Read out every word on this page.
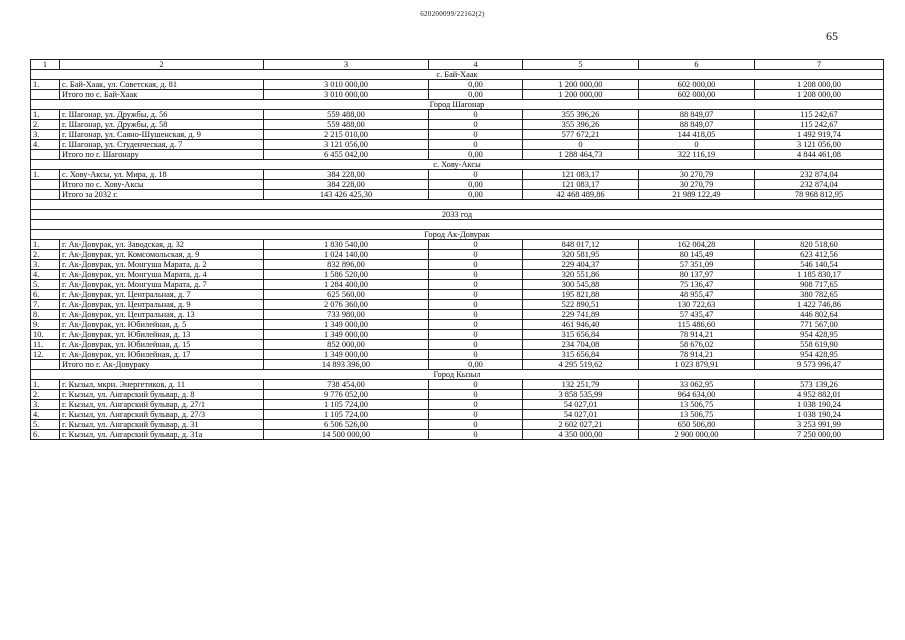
620200099/22162(2)
65
1	2	3	4	5	6	7
с. Бай-Хаак						
1.	с. Бай-Хаак, ул. Советская, д. 81	3 010 000,00	0,00	1 200 000,00	602 000,00	1 208 000,00
	Итого по с. Бай-Хаак	3 010 000,00	0,00	1 200 000,00	602 000,00	1 208 000,00
Город Шагонар						
1.	г. Шагонар, ул. Дружбы, д. 56	559 488,00	0	355 396,26	88 849,07	115 242,67
2.	г. Шагонар, ул. Дружбы, д. 58	559 488,00	0	355 396,26	88 849,07	115 242,67
3.	г. Шагонар, ул. Саяно-Шушенская, д. 9	2 215 010,00	0	577 672,21	144 418,05	1 492 919,74
4.	г. Шагонар, ул. Студенческая, д. 7	3 121 056,00	0	0	0	3 121 056,00
	Итого по г. Шагонару	6 455 042,00	0,00	1 288 464,73	322 116,19	4 844 461,08
с. Хову-Аксы						
1.	с. Хову-Аксы, ул. Мира, д. 18	384 228,00	0	121 083,17	30 270,79	232 874,04
	Итого по с. Хову-Аксы	384 228,00	0,00	121 083,17	30 270,79	232 874,04
	Итого за 2032 г.	143 426 425,30	0,00	42 468 489,86	21 989 122,49	78 968 812,95

2033 год						

Город Ак-Довурак						
1.	г. Ак-Довурак, ул. Заводская, д. 32	1 830 540,00	0	848 017,12	162 004,28	820 518,60
2.	г. Ак-Довурак, ул. Комсомольская, д. 9	1 024 140,00	0	320 581,95	80 145,49	623 412,56
3.	г. Ак-Довурак, ул. Монгуша Марата, д. 2	832 896,00	0	229 404,37	57 351,09	546 140,54
4.	г. Ак-Довурак, ул. Монгуша Марата, д. 4	1 586 520,00	0	320 551,86	80 137,97	1 185 830,17
5.	г. Ак-Довурак, ул. Монгуша Марата, д. 7	1 284 400,00	0	300 545,88	75 136,47	908 717,65
6.	г. Ак-Довурак, ул. Центральная, д. 7	625 560,00	0	195 821,88	48 955,47	380 782,65
7.	г. Ак-Довурак, ул. Центральная, д. 9	2 076 360,00	0	522 890,51	130 722,63	1 422 746,86
8.	г. Ак-Довурак, ул. Центральная, д. 13	733 980,00	0	229 741,89	57 435,47	446 802,64
9.	г. Ак-Довурак, ул. Юбилейная, д. 5	1 349 000,00	0	461 946,40	115 486,60	771 567,00
10.	г. Ак-Довурак, ул. Юбилейная, д. 13	1 349 000,00	0	315 656,84	78 914,21	954 428,95
11.	г. Ак-Довурак, ул. Юбилейная, д. 15	852 000,00	0	234 704,08	58 676,02	558 619,90
12.	г. Ак-Довурак, ул. Юбилейная, д. 17	1 349 000,00	0	315 656,84	78 914,21	954 428,95
	Итого по г. Ак-Довураку	14 893 396,00	0,00	4 295 519,62	1 023 879,91	9 573 996,47
Город Кызыл						
1.	г. Кызыл, мкрн. Энергетиков, д. 11	738 454,00	0	132 251,79	33 062,95	573 139,26
2.	г. Кызыл, ул. Ангарский бульвар, д. 8	9 776 052,00	0	3 858 535,99	964 634,00	4 952 882,01
3.	г. Кызыл, ул. Ангарский бульвар, д. 27/1	1 105 724,00	0	54 027,01	13 506,75	1 038 190,24
4.	г. Кызыл, ул. Ангарский бульвар, д. 27/3	1 105 724,00	0	54 027,01	13 506,75	1 038 190,24
5.	г. Кызыл, ул. Ангарский бульвар, д. 31	6 506 526,00	0	2 602 027,21	650 506,80	3 253 991,99
6.	г. Кызыл, ул. Ангарский бульвар, д. 31а	14 500 000,00	0	4 350 000,00	2 900 000,00	7 250 000,00
